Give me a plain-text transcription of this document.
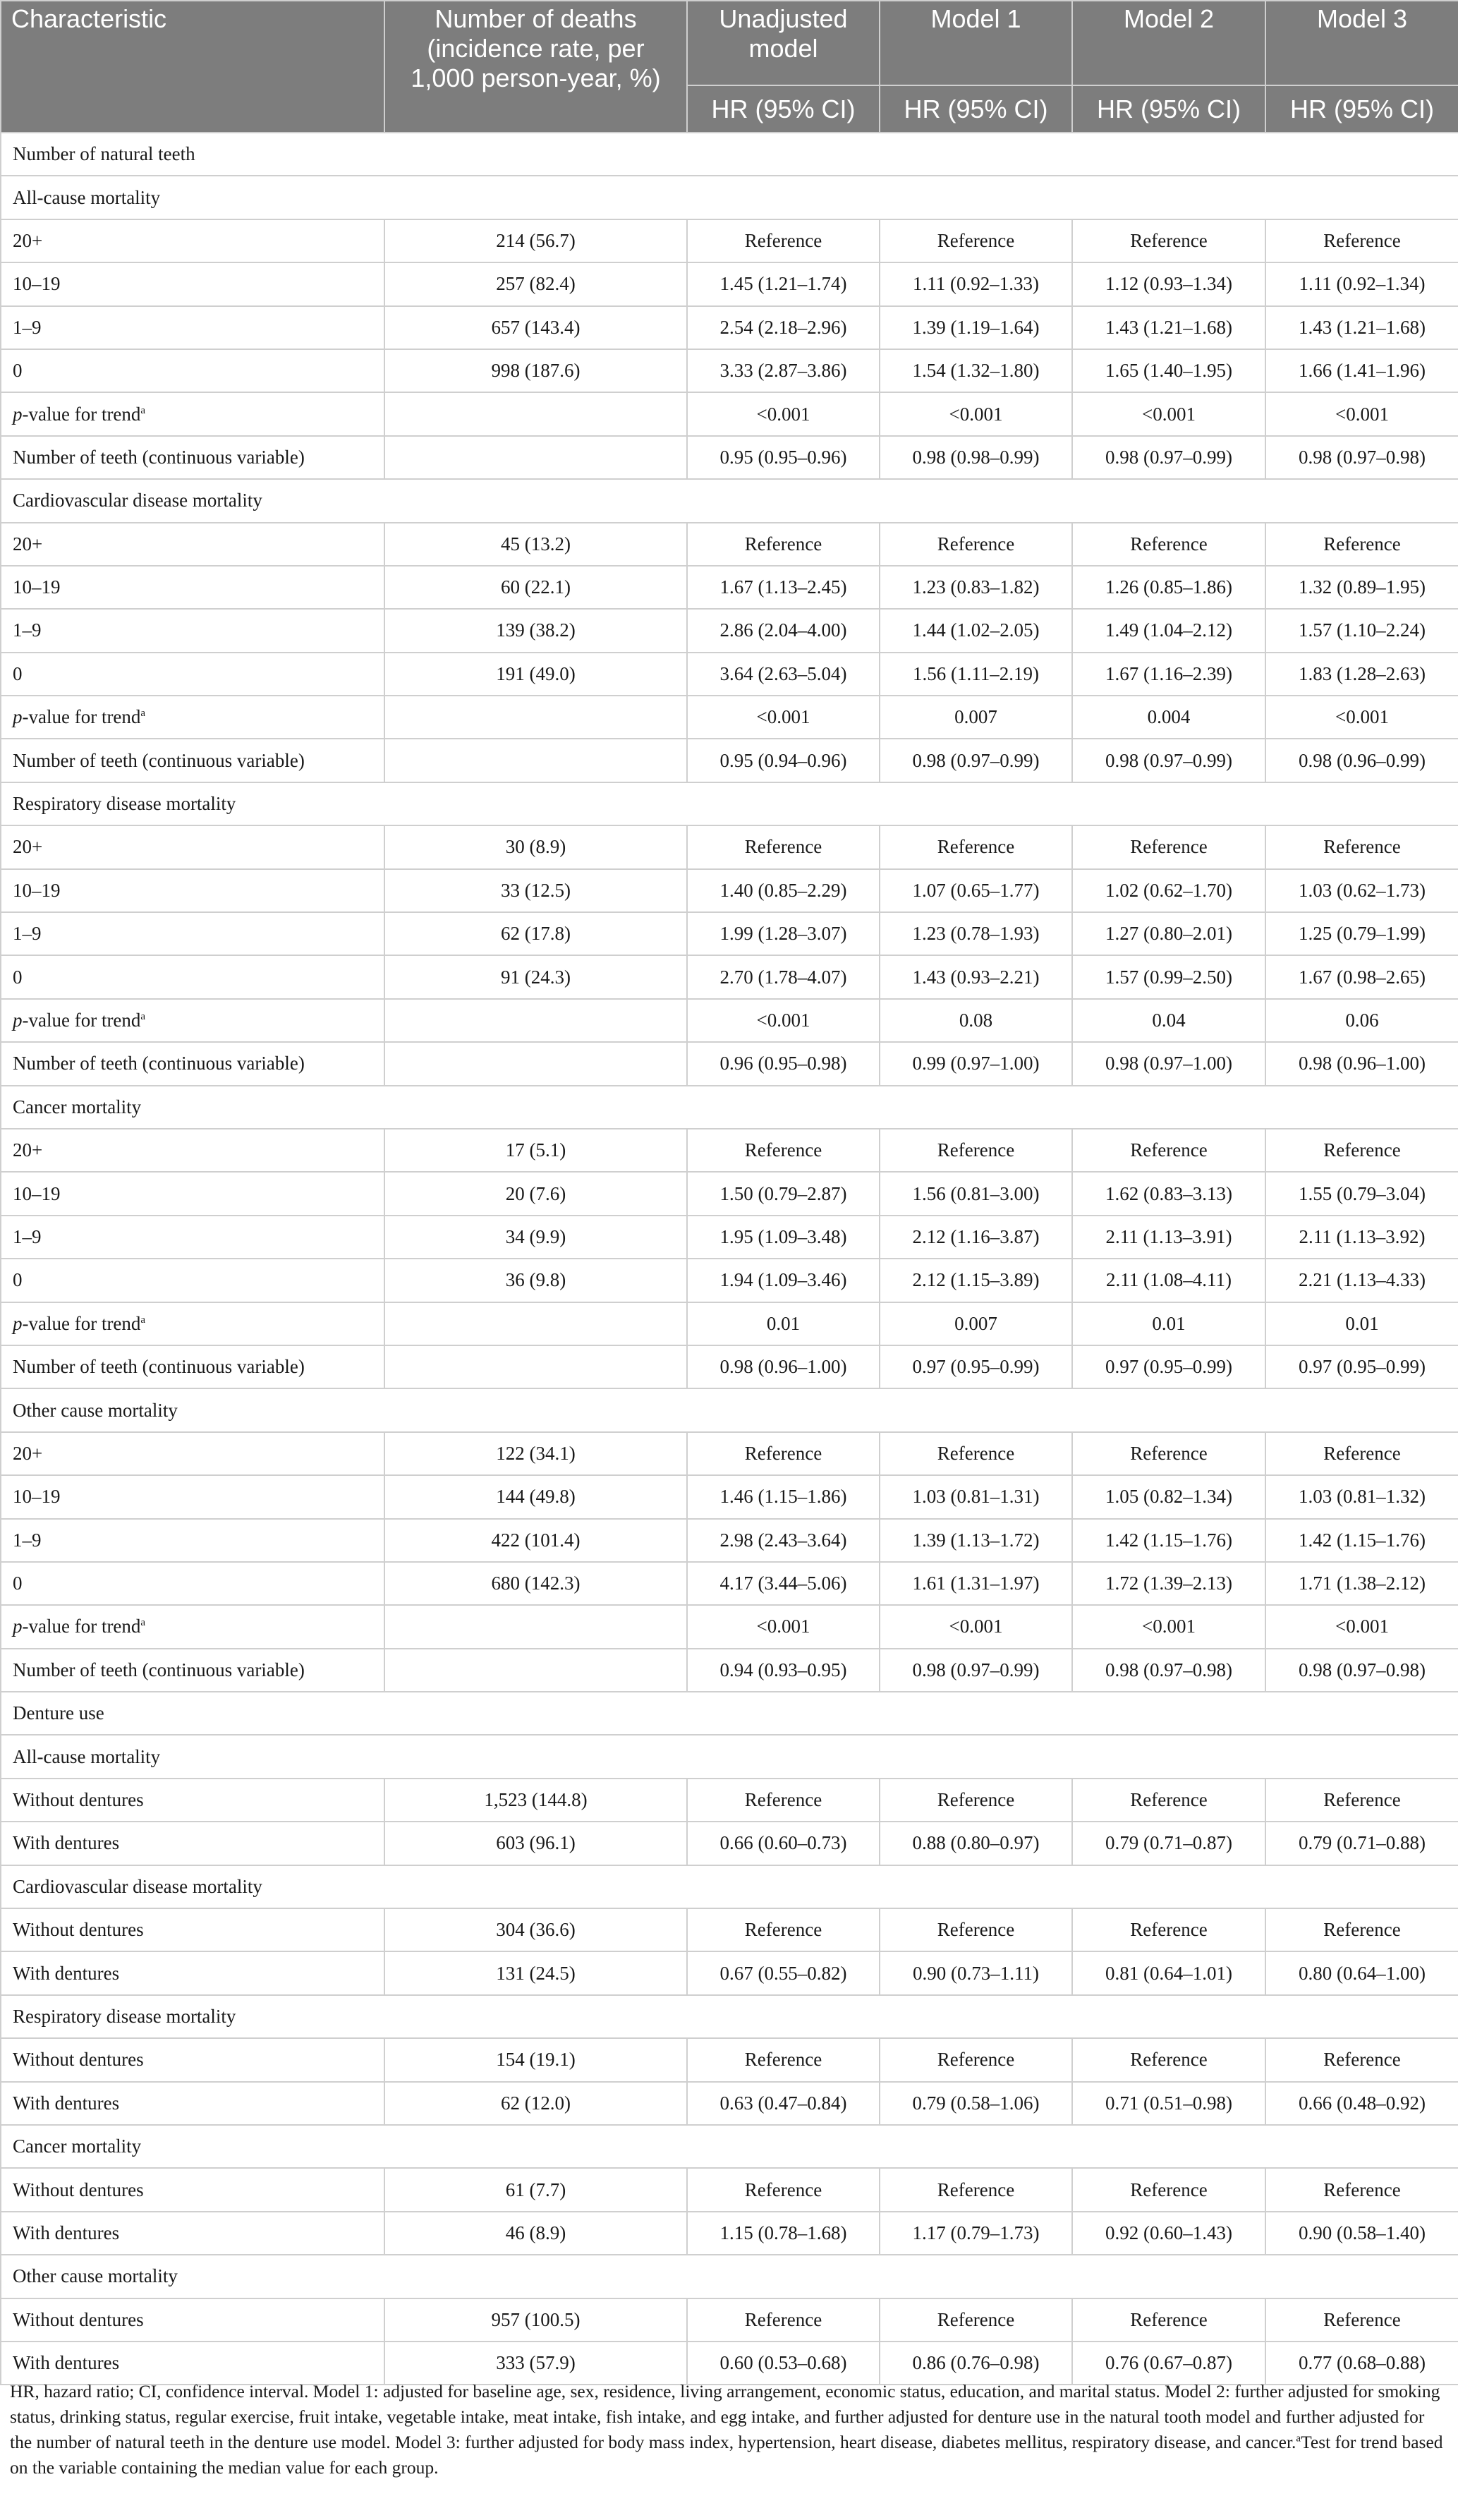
Characteristic	Number of deaths (incidence rate, per 1,000 person-year, %)	Unadjusted model	Model 1	Model 2	Model 3
		HR (95% CI)	HR (95% CI)	HR (95% CI)	HR (95% CI)
Number of natural teeth					
All-cause mortality					
20+	214 (56.7)	Reference	Reference	Reference	Reference
10–19	257 (82.4)	1.45 (1.21–1.74)	1.11 (0.92–1.33)	1.12 (0.93–1.34)	1.11 (0.92–1.34)
1–9	657 (143.4)	2.54 (2.18–2.96)	1.39 (1.19–1.64)	1.43 (1.21–1.68)	1.43 (1.21–1.68)
0	998 (187.6)	3.33 (2.87–3.86)	1.54 (1.32–1.80)	1.65 (1.40–1.95)	1.66 (1.41–1.96)
p-value for trend$^a$		<0.001	<0.001	<0.001	<0.001
Number of teeth (continuous variable)		0.95 (0.95–0.96)	0.98 (0.98–0.99)	0.98 (0.97–0.99)	0.98 (0.97–0.98)
Cardiovascular disease mortality					
20+	45 (13.2)	Reference	Reference	Reference	Reference
10–19	60 (22.1)	1.67 (1.13–2.45)	1.23 (0.83–1.82)	1.26 (0.85–1.86)	1.32 (0.89–1.95)
1–9	139 (38.2)	2.86 (2.04–4.00)	1.44 (1.02–2.05)	1.49 (1.04–2.12)	1.57 (1.10–2.24)
0	191 (49.0)	3.64 (2.63–5.04)	1.56 (1.11–2.19)	1.67 (1.16–2.39)	1.83 (1.28–2.63)
p-value for trend$^a$		<0.001	0.007	0.004	<0.001
Number of teeth (continuous variable)		0.95 (0.94–0.96)	0.98 (0.97–0.99)	0.98 (0.97–0.99)	0.98 (0.96–0.99)
Respiratory disease mortality					
20+	30 (8.9)	Reference	Reference	Reference	Reference
10–19	33 (12.5)	1.40 (0.85–2.29)	1.07 (0.65–1.77)	1.02 (0.62–1.70)	1.03 (0.62–1.73)
1–9	62 (17.8)	1.99 (1.28–3.07)	1.23 (0.78–1.93)	1.27 (0.80–2.01)	1.25 (0.79–1.99)
0	91 (24.3)	2.70 (1.78–4.07)	1.43 (0.93–2.21)	1.57 (0.99–2.50)	1.67 (0.98–2.65)
p-value for trend$^a$		<0.001	0.08	0.04	0.06
Number of teeth (continuous variable)		0.96 (0.95–0.98)	0.99 (0.97–1.00)	0.98 (0.97–1.00)	0.98 (0.96–1.00)
Cancer mortality					
20+	17 (5.1)	Reference	Reference	Reference	Reference
10–19	20 (7.6)	1.50 (0.79–2.87)	1.56 (0.81–3.00)	1.62 (0.83–3.13)	1.55 (0.79–3.04)
1–9	34 (9.9)	1.95 (1.09–3.48)	2.12 (1.16–3.87)	2.11 (1.13–3.91)	2.11 (1.13–3.92)
0	36 (9.8)	1.94 (1.09–3.46)	2.12 (1.15–3.89)	2.11 (1.08–4.11)	2.21 (1.13–4.33)
p-value for trend$^a$		0.01	0.007	0.01	0.01
Number of teeth (continuous variable)		0.98 (0.96–1.00)	0.97 (0.95–0.99)	0.97 (0.95–0.99)	0.97 (0.95–0.99)
Other cause mortality					
20+	122 (34.1)	Reference	Reference	Reference	Reference
10–19	144 (49.8)	1.46 (1.15–1.86)	1.03 (0.81–1.31)	1.05 (0.82–1.34)	1.03 (0.81–1.32)
1–9	422 (101.4)	2.98 (2.43–3.64)	1.39 (1.13–1.72)	1.42 (1.15–1.76)	1.42 (1.15–1.76)
0	680 (142.3)	4.17 (3.44–5.06)	1.61 (1.31–1.97)	1.72 (1.39–2.13)	1.71 (1.38–2.12)
p-value for trend$^a$		<0.001	<0.001	<0.001	<0.001
Number of teeth (continuous variable)		0.94 (0.93–0.95)	0.98 (0.97–0.99)	0.98 (0.97–0.98)	0.98 (0.97–0.98)
Denture use					
All-cause mortality					
Without dentures	1,523 (144.8)	Reference	Reference	Reference	Reference
With dentures	603 (96.1)	0.66 (0.60–0.73)	0.88 (0.80–0.97)	0.79 (0.71–0.87)	0.79 (0.71–0.88)
Cardiovascular disease mortality					
Without dentures	304 (36.6)	Reference	Reference	Reference	Reference
With dentures	131 (24.5)	0.67 (0.55–0.82)	0.90 (0.73–1.11)	0.81 (0.64–1.01)	0.80 (0.64–1.00)
Respiratory disease mortality					
Without dentures	154 (19.1)	Reference	Reference	Reference	Reference
With dentures	62 (12.0)	0.63 (0.47–0.84)	0.79 (0.58–1.06)	0.71 (0.51–0.98)	0.66 (0.48–0.92)
Cancer mortality					
Without dentures	61 (7.7)	Reference	Reference	Reference	Reference
With dentures	46 (8.9)	1.15 (0.78–1.68)	1.17 (0.79–1.73)	0.92 (0.60–1.43)	0.90 (0.58–1.40)
Other cause mortality					
Without dentures	957 (100.5)	Reference	Reference	Reference	Reference
With dentures	333 (57.9)	0.60 (0.53–0.68)	0.86 (0.76–0.98)	0.76 (0.67–0.87)	0.77 (0.68–0.88)
HR, hazard ratio; CI, confidence interval. Model 1: adjusted for baseline age, sex, residence, living arrangement, economic status, education, and marital status. Model 2: further adjusted for smoking status, drinking status, regular exercise, fruit intake, vegetable intake, meat intake, fish intake, and egg intake, and further adjusted for denture use in the natural tooth model and further adjusted for the number of natural teeth in the denture use model. Model 3: further adjusted for body mass index, hypertension, heart disease, diabetes mellitus, respiratory disease, and cancer.$^a$Test for trend based on the variable containing the median value for each group.
